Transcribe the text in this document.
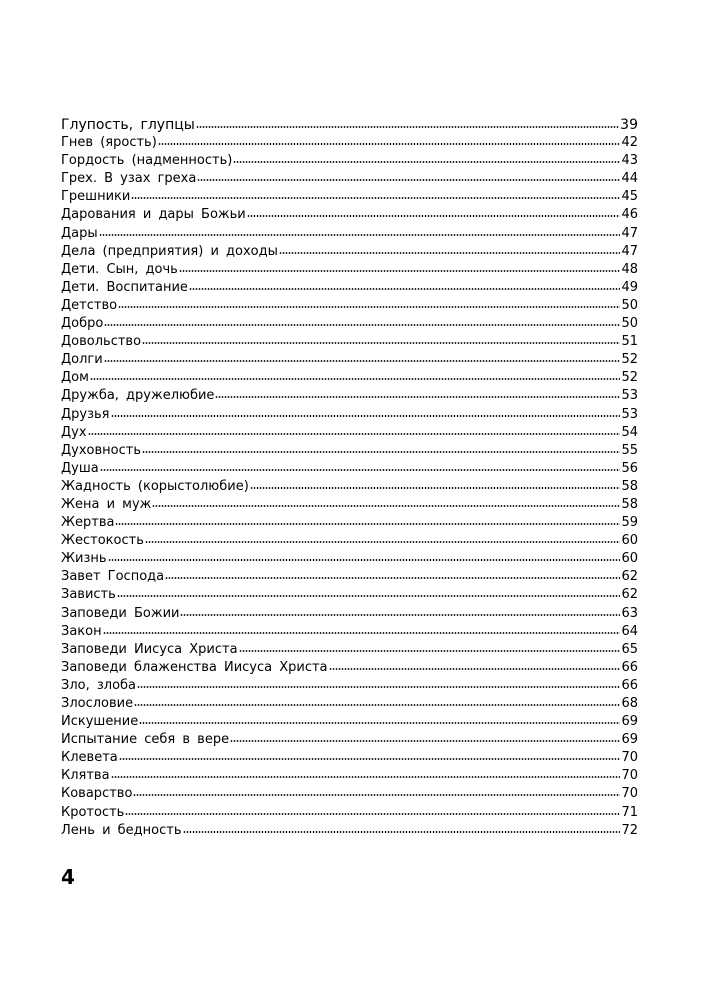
Глупость, глупцы	39
Гнев (ярость)	42
Гордость (надменность)	43
Грех. В узах греха	44
Грешники	45
Дарования и дары Божьи	46
Дары	47
Дела (предприятия) и доходы	47
Дети. Сын, дочь	48
Дети. Воспитание	49
Детство	50
Добро	50
Довольство	51
Долги	52
Дом	52
Дружба, дружелюбие	53
Друзья	53
Дух	54
Духовность	55
Душа	56
Жадность (корыстолюбие)	58
Жена и муж	58
Жертва	59
Жестокость	60
Жизнь	60
Завет Господа	62
Зависть	62
Заповеди Божии	63
Закон	64
Заповеди Иисуса Христа	65
Заповеди блаженства Иисуса Христа	66
Зло, злоба	66
Злословие	68
Искушение	69
Испытание себя в вере	69
Клевета	70
Клятва	70
Коварство	70
Кротость	71
Лень и бедность	72
4
